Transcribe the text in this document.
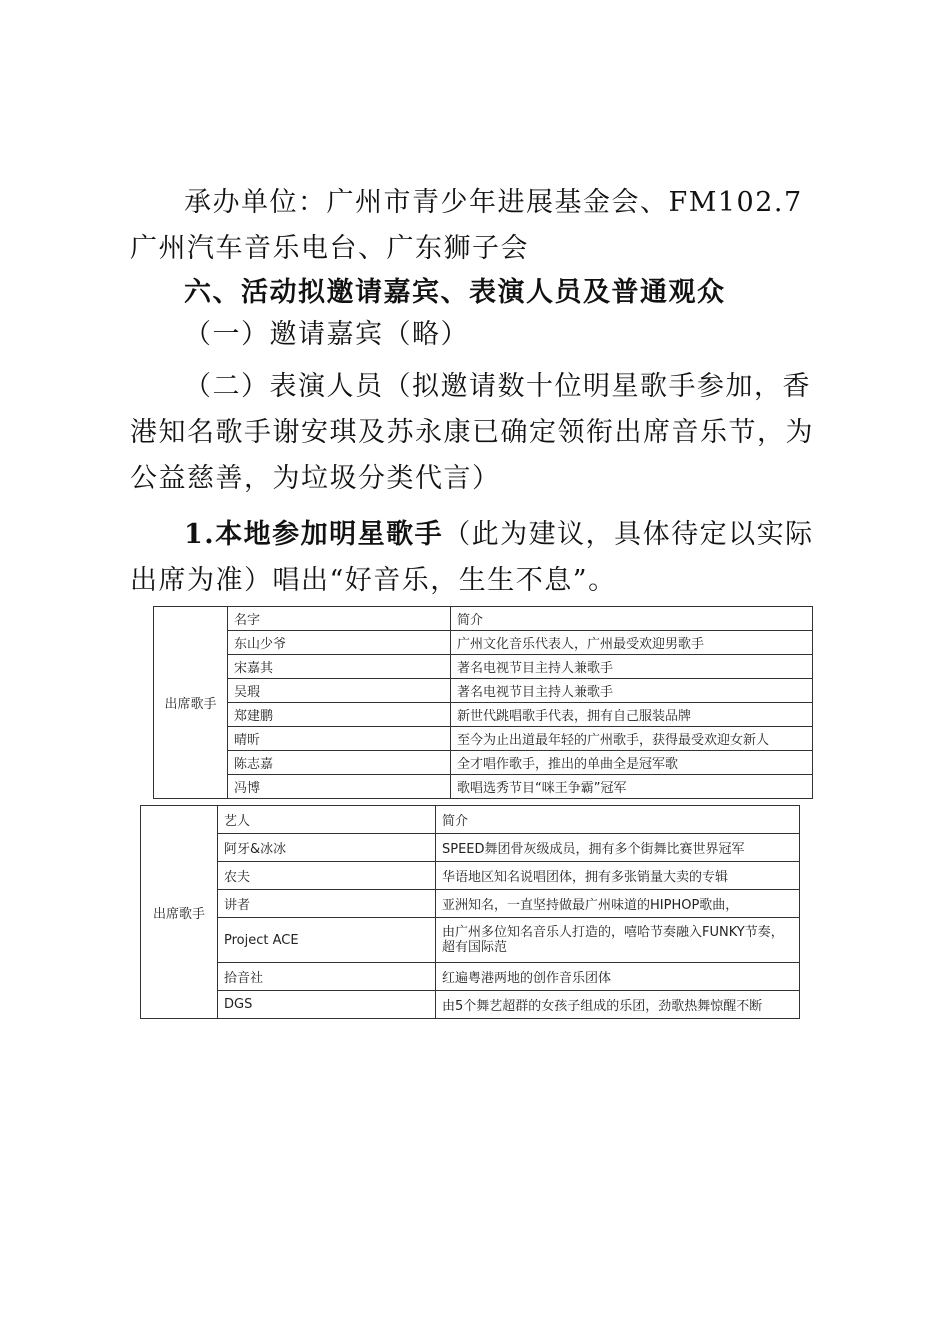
承办单位：广州市青少年进展基金会、FM102.7广州汽车音乐电台、广东狮子会

六、活动拟邀请嘉宾、表演人员及普通观众

（一）邀请嘉宾（略）

（二）表演人员（拟邀请数十位明星歌手参加，香港知名歌手谢安琪及苏永康已确定领衔出席音乐节，为公益慈善，为垃圾分类代言）

1.本地参加明星歌手（此为建议，具体待定以实际出席为准）唱出“好音乐，生生不息”。

出席歌手	名字	简介
	东山少爷	广州文化音乐代表人，广州最受欢迎男歌手
	宋嘉其	著名电视节目主持人兼歌手
	吴瑕	著名电视节目主持人兼歌手
	郑建鹏	新世代跳唱歌手代表，拥有自己服装品牌
	晴昕	至今为止出道最年轻的广州歌手，获得最受欢迎女新人
	陈志嘉	全才唱作歌手，推出的单曲全是冠军歌
	冯博	歌唱选秀节目“咪王争霸”冠军
出席歌手	艺人	简介
	阿牙&冰冰	SPEED舞团骨灰级成员，拥有多个街舞比赛世界冠军
	农夫	华语地区知名说唱团体，拥有多张销量大卖的专辑
	讲者	亚洲知名，一直坚持做最广州味道的HIPHOP歌曲，
	Project ACE	由广州多位知名音乐人打造的，嘻哈节奏融入FUNKY节奏，超有国际范
	拾音社	红遍粤港两地的创作音乐团体
	DGS	由5个舞艺超群的女孩子组成的乐团，劲歌热舞惊醒不断
